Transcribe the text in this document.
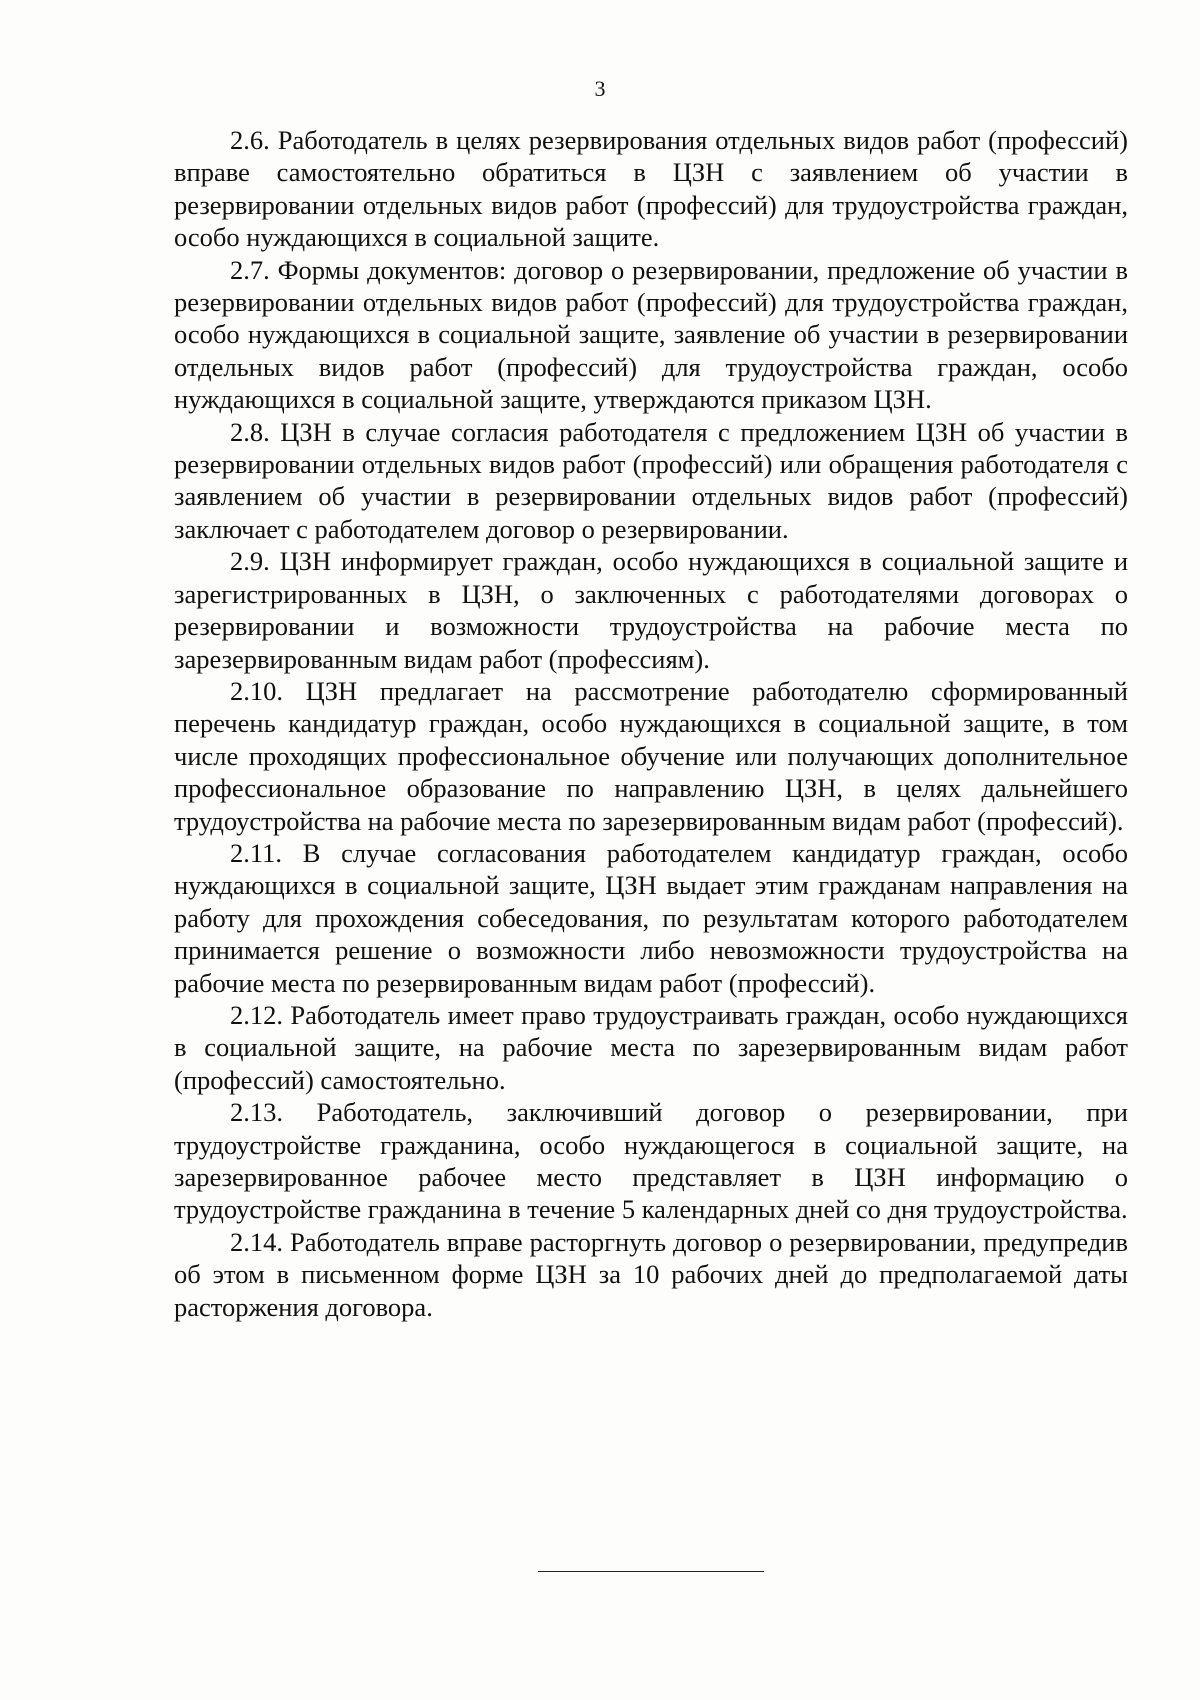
3

2.6. Работодатель в целях резервирования отдельных видов работ (профессий) вправе самостоятельно обратиться в ЦЗН с заявлением об участии в резервировании отдельных видов работ (профессий) для трудоустройства граждан, особо нуждающихся в социальной защите.

2.7. Формы документов: договор о резервировании, предложение об участии в резервировании отдельных видов работ (профессий) для трудоустройства граждан, особо нуждающихся в социальной защите, заявление об участии в резервировании отдельных видов работ (профессий) для трудоустройства граждан, особо нуждающихся в социальной защите, утверждаются приказом ЦЗН.

2.8. ЦЗН в случае согласия работодателя с предложением ЦЗН об участии в резервировании отдельных видов работ (профессий) или обращения работодателя с заявлением об участии в резервировании отдельных видов работ (профессий) заключает с работодателем договор о резервировании.

2.9. ЦЗН информирует граждан, особо нуждающихся в социальной защите и зарегистрированных в ЦЗН, о заключенных с работодателями договорах о резервировании и возможности трудоустройства на рабочие места по зарезервированным видам работ (профессиям).

2.10. ЦЗН предлагает на рассмотрение работодателю сформированный перечень кандидатур граждан, особо нуждающихся в социальной защите, в том числе проходящих профессиональное обучение или получающих дополнительное профессиональное образование по направлению ЦЗН, в целях дальнейшего трудоустройства на рабочие места по зарезервированным видам работ (профессий).

2.11. В случае согласования работодателем кандидатур граждан, особо нуждающихся в социальной защите, ЦЗН выдает этим гражданам направления на работу для прохождения собеседования, по результатам которого работодателем принимается решение о возможности либо невозможности трудоустройства на рабочие места по резервированным видам работ (профессий).

2.12. Работодатель имеет право трудоустраивать граждан, особо нуждающихся в социальной защите, на рабочие места по зарезервированным видам работ (профессий) самостоятельно.

2.13. Работодатель, заключивший договор о резервировании, при трудоустройстве гражданина, особо нуждающегося в социальной защите, на зарезервированное рабочее место представляет в ЦЗН информацию о трудоустройстве гражданина в течение 5 календарных дней со дня трудоустройства.

2.14. Работодатель вправе расторгнуть договор о резервировании, предупредив об этом в письменном форме ЦЗН за 10 рабочих дней до предполагаемой даты расторжения договора.
